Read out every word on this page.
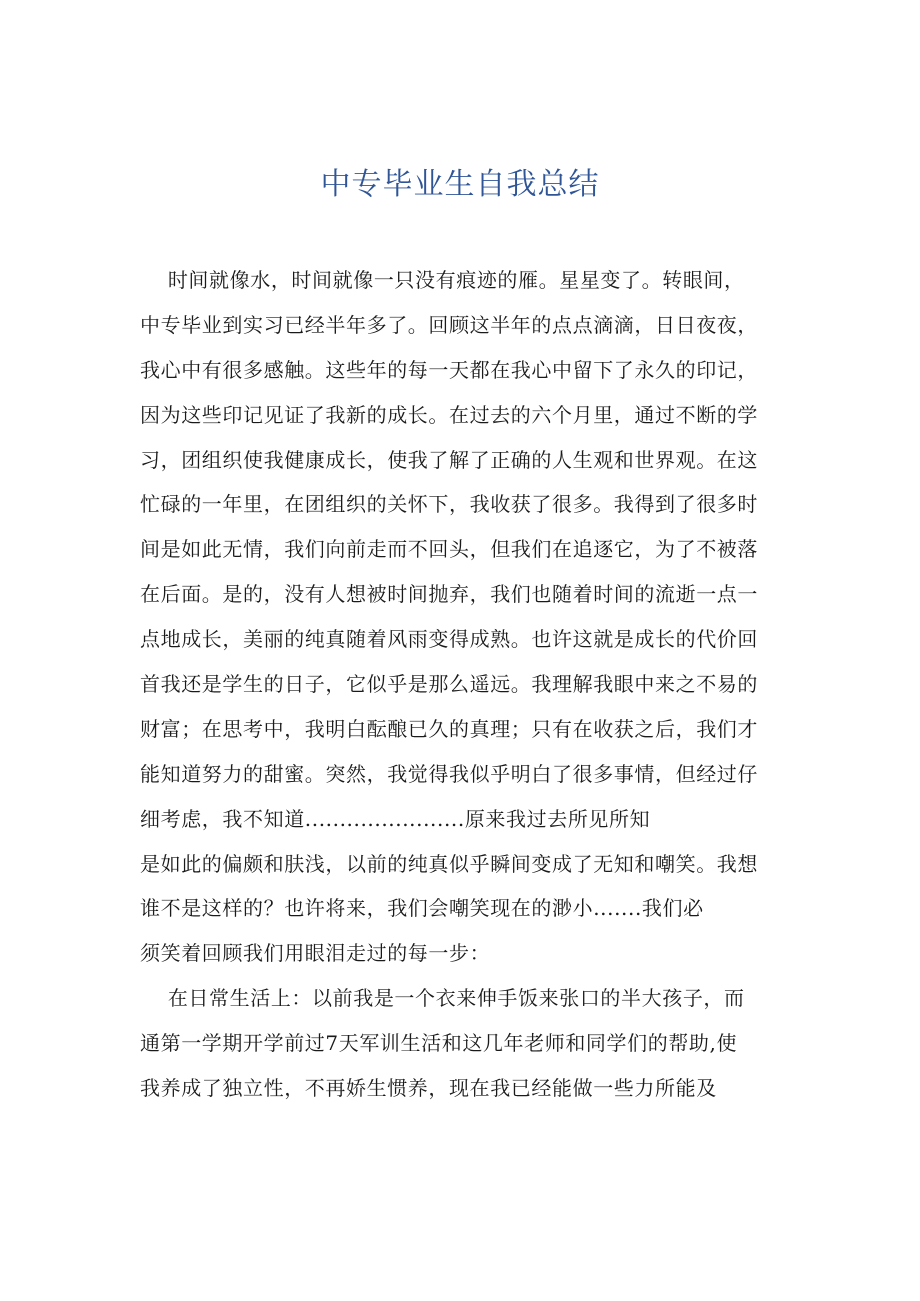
中专毕业生自我总结
时间就像水，时间就像一只没有痕迹的雁。星星变了。转眼间，
中专毕业到实习已经半年多了。回顾这半年的点点滴滴，日日夜夜，
我心中有很多感触。这些年的每一天都在我心中留下了永久的印记，
因为这些印记见证了我新的成长。在过去的六个月里，通过不断的学
习，团组织使我健康成长，使我了解了正确的人生观和世界观。在这
忙碌的一年里，在团组织的关怀下，我收获了很多。我得到了很多时
间是如此无情，我们向前走而不回头，但我们在追逐它，为了不被落
在后面。是的，没有人想被时间抛弃，我们也随着时间的流逝一点一
点地成长，美丽的纯真随着风雨变得成熟。也许这就是成长的代价回
首我还是学生的日子，它似乎是那么遥远。我理解我眼中来之不易的
财富；在思考中，我明白酝酿已久的真理；只有在收获之后，我们才
能知道努力的甜蜜。突然，我觉得我似乎明白了很多事情，但经过仔
细考虑，我不知道.......................原来我过去所见所知
是如此的偏颇和肤浅，以前的纯真似乎瞬间变成了无知和嘲笑。我想
谁不是这样的？也许将来，我们会嘲笑现在的渺小.......我们必
须笑着回顾我们用眼泪走过的每一步：
在日常生活上：以前我是一个衣来伸手饭来张口的半大孩子，而
通第一学期开学前过7天军训生活和这几年老师和同学们的帮助,使
我养成了独立性，不再娇生惯养，现在我已经能做一些力所能及
